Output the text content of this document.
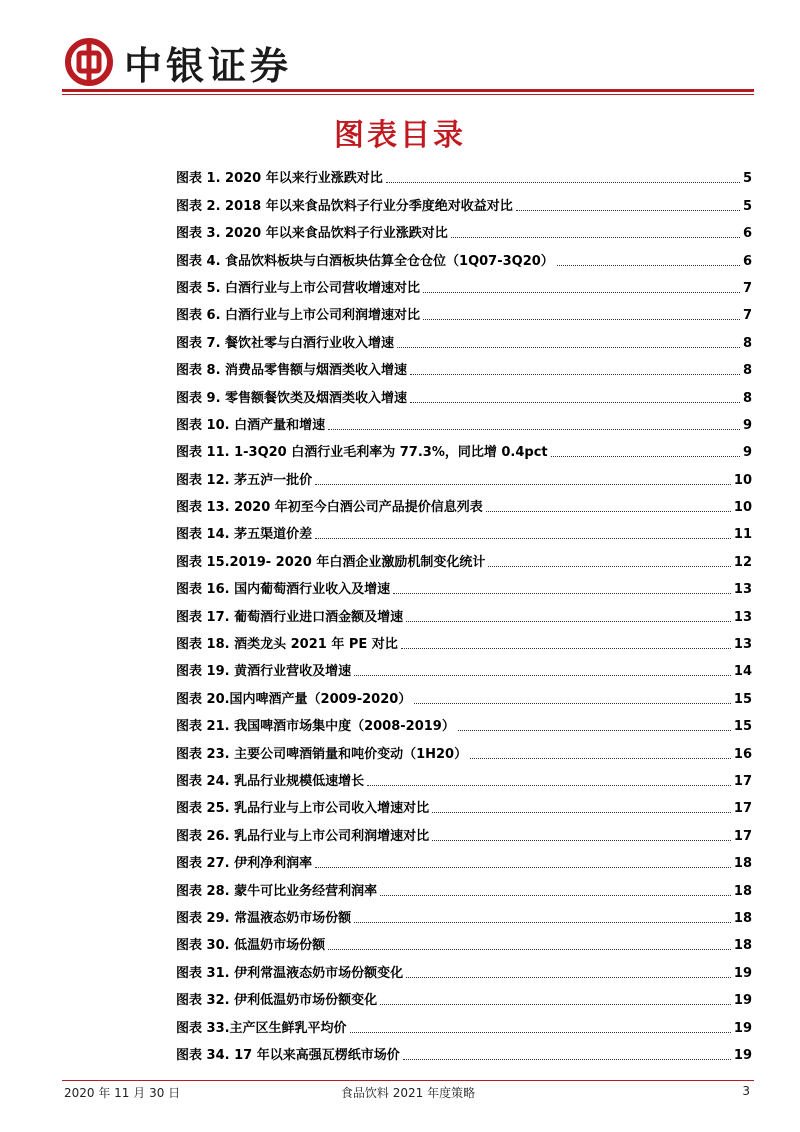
中银证券
图表目录
图表 1. 2020 年以来行业涨跌对比	5
图表 2. 2018 年以来食品饮料子行业分季度绝对收益对比	5
图表 3. 2020 年以来食品饮料子行业涨跌对比	6
图表 4. 食品饮料板块与白酒板块估算全仓仓位（1Q07-3Q20）	6
图表 5. 白酒行业与上市公司营收增速对比	7
图表 6. 白酒行业与上市公司利润增速对比	7
图表 7. 餐饮社零与白酒行业收入增速	8
图表 8. 消费品零售额与烟酒类收入增速	8
图表 9. 零售额餐饮类及烟酒类收入增速	8
图表 10. 白酒产量和增速	9
图表 11. 1-3Q20 白酒行业毛利率为 77.3%，同比增 0.4pct	9
图表 12. 茅五泸一批价	10
图表 13. 2020 年初至今白酒公司产品提价信息列表	10
图表 14. 茅五渠道价差	11
图表 15.2019- 2020 年白酒企业激励机制变化统计	12
图表 16. 国内葡萄酒行业收入及增速	13
图表 17. 葡萄酒行业进口酒金额及增速	13
图表 18. 酒类龙头 2021 年 PE 对比	13
图表 19. 黄酒行业营收及增速	14
图表 20.国内啤酒产量（2009-2020）	15
图表 21. 我国啤酒市场集中度（2008-2019）	15
图表 23. 主要公司啤酒销量和吨价变动（1H20）	16
图表 24. 乳品行业规模低速增长	17
图表 25. 乳品行业与上市公司收入增速对比	17
图表 26. 乳品行业与上市公司利润增速对比	17
图表 27. 伊利净利润率	18
图表 28. 蒙牛可比业务经营利润率	18
图表 29. 常温液态奶市场份额	18
图表 30. 低温奶市场份额	18
图表 31. 伊利常温液态奶市场份额变化	19
图表 32. 伊利低温奶市场份额变化	19
图表 33.主产区生鲜乳平均价	19
图表 34. 17 年以来高强瓦楞纸市场价	19
2020 年 11 月 30 日	食品饮料 2021 年度策略	3
